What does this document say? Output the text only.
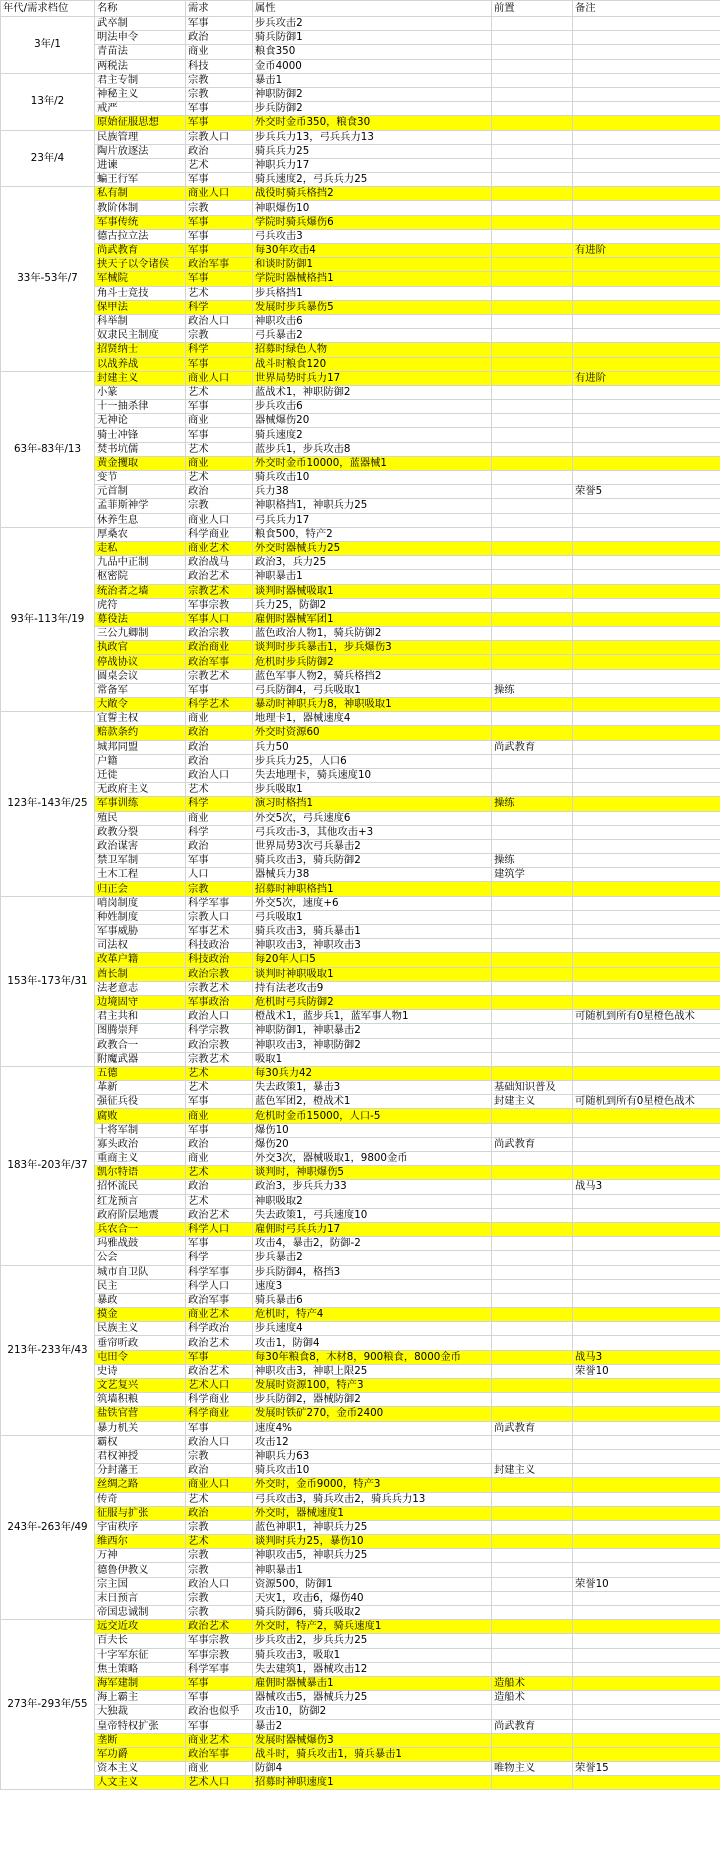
年代/需求档位	名称	需求	属性	前置	备注
3年/1	武卒制	军事	步兵攻击2		
	明法申令	政治	骑兵防御1		
	青苗法	商业	粮食350		
	两税法	科技	金币4000		
13年/2	君主专制	宗教	暴击1		
	神秘主义	宗教	神职防御2		
	戒严	军事	步兵防御2		
	原始征服思想	军事	外交时金币350，粮食30		
23年/4	民族管理	宗教人口	步兵兵力13，弓兵兵力13		
	陶片放逐法	政治	骑兵兵力25		
	进谏	艺术	神职兵力17		
	蝙王行军	军事	骑兵速度2，弓兵兵力25		
33年-53年/7	私有制	商业人口	战役时骑兵格挡2		
	教阶体制	宗教	神职爆伤10		
	军事传统	军事	学院时骑兵爆伤6		
	德古拉立法	军事	弓兵攻击3		
	尚武教育	军事	每30年攻击4		有进阶
	挟天子以令诸侯	政治军事	和谈时防御1		
	军械院	军事	学院时器械格挡1		
	角斗士竞技	艺术	步兵格挡1		
	保甲法	科学	发展时步兵暴伤5		
	科举制	政治人口	神职攻击6		
	奴隶民主制度	宗教	弓兵暴击2		
	招贤纳士	科学	招募时绿色人物		
	以战养战	军事	战斗时粮食120		
63年-83年/13	封建主义	商业人口	世界局势时兵力17		有进阶
	小篆	艺术	蓝战术1，神职防御2		
	十一抽杀律	军事	步兵攻击6		
	无神论	商业	器械爆伤20		
	骑士冲锋	军事	骑兵速度2		
	焚书坑儒	艺术	蓝步兵1，步兵攻击8		
	黄金攫取	商业	外交时金币10000，蓝器械1		
	变节	艺术	骑兵攻击10		
	元首制	政治	兵力38		荣誉5
	孟菲斯神学	宗教	神职格挡1，神职兵力25		
	休养生息	商业人口	弓兵兵力17		
93年-113年/19	厚桑农	科学商业	粮食500，特产2		
	走私	商业艺术	外交时器械兵力25		
	九品中正制	政治战马	政治3，兵力25		
	枢密院	政治艺术	神职暴击1		
	统治者之墙	宗教艺术	谈判时器械吸取1		
	虎符	军事宗教	兵力25，防御2		
	募役法	军事人口	雇佣时器械军团1		
	三公九卿制	政治宗教	蓝色政治人物1，骑兵防御2		
	执政官	政治商业	谈判时步兵暴击1，步兵爆伤3		
	停战协议	政治军事	危机时步兵防御2		
	圆桌会议	宗教艺术	蓝色军事人物2，骑兵格挡2		
	常备军	军事	弓兵防御4，弓兵吸取1	操练	
	大敞令	科学艺术	暴动时神职兵力8，神职吸取1		
123年-143年/25	宜誓主权	商业	地理卡1，器械速度4		
	赔款条约	政治	外交时资源60		
	城邦同盟	政治	兵力50	尚武教育	
	户籍	政治	步兵兵力25，人口6		
	迁徙	政治人口	失去地理卡，骑兵速度10		
	无政府主义	艺术	步兵吸取1		
	军事训练	科学	演习时格挡1	操练	
	殖民	商业	外交5次，弓兵速度6		
	政教分裂	科学	弓兵攻击-3，其他攻击+3		
	政治谋害	政治	世界局势3次弓兵暴击2		
	禁卫军制	军事	骑兵攻击3，骑兵防御2	操练	
	土木工程	人口	器械兵力38	建筑学	
	归正会	宗教	招募时神职格挡1		
153年-173年/31	哨岗制度	科学军事	外交5次，速度+6		
	种姓制度	宗教人口	弓兵吸取1		
	军事威胁	军事艺术	骑兵攻击3，骑兵暴击1		
	司法权	科技政治	神职攻击3，神职攻击3		
	改革户籍	科技政治	每20年人口5		
	酋长制	政治宗教	谈判时神职吸取1		
	法老意志	宗教艺术	持有法老攻击9		
	边境固守	军事政治	危机时弓兵防御2		
	君主共和	政治人口	橙战术1，蓝步兵1，蓝军事人物1		可随机到所有0星橙色战术
	图腾崇拜	科学宗教	神职防御1，神职暴击2		
	政教合一	政治宗教	神职攻击3，神职防御2		
	附魔武器	宗教艺术	吸取1		
183年-203年/37	五德	艺术	每30兵力42		
	革新	艺术	失去政策1，暴击3	基础知识普及	
	强征兵役	军事	蓝色军团2，橙战术1	封建主义	可随机到所有0星橙色战术
	腐败	商业	危机时金币15000，人口-5		
	十将军制	军事	爆伤10		
	寡头政治	政治	爆伤20	尚武教育	
	重商主义	商业	外交3次，器械吸取1，9800金币		
	凯尔特语	艺术	谈判时，神职爆伤5		
	招怀流民	政治	政治3，步兵兵力33		战马3
	红龙预言	艺术	神职吸取2		
	政府阶层地震	政治艺术	失去政策1，弓兵速度10		
	兵农合一	科学人口	雇佣时弓兵兵力17		
	玛雅战鼓	军事	攻击4，暴击2，防御-2		
	公会	科学	步兵暴击2		
213年-233年/43	城市自卫队	科学军事	步兵防御4，格挡3		
	民主	科学人口	速度3		
	暴政	政治军事	骑兵暴击6		
	摸金	商业艺术	危机时，特产4		
	民族主义	科学政治	步兵速度4		
	垂帘听政	政治艺术	攻击1，防御4		
	屯田令	军事	每30年粮食8，木材8，900粮食，8000金币		战马3
	史诗	政治艺术	神职攻击3，神职上限25		荣誉10
	文艺复兴	艺术人口	发展时资源100，特产3		
	筑墙积粮	科学商业	步兵防御2，器械防御2		
	盐铁官营	科学商业	发展时铁矿270，金币2400		
	暴力机关	军事	速度4%	尚武教育	
243年-263年/49	霸权	政治人口	攻击12		
	君权神授	宗教	神职兵力63		
	分封藩王	政治	骑兵攻击10	封建主义	
	丝绸之路	商业人口	外交时，金币9000，特产3		
	传奇	艺术	弓兵攻击3，骑兵攻击2，骑兵兵力13		
	征服与扩张	政治	外交时，器械速度1		
	宇宙秩序	宗教	蓝色神职1，神职兵力25		
	维西尔	艺术	谈判时兵力25，暴伤10		
	万神	宗教	神职攻击5，神职兵力25		
	德鲁伊教义	宗教	神职暴击1		
	宗主国	政治人口	资源500，防御1		荣誉10
	末日预言	宗教	天灾1，攻击6，爆伤40		
	帝国忠诚制	宗教	骑兵防御6，骑兵吸取2		
273年-293年/55	远交近攻	政治艺术	外交时，特产2，骑兵速度1		
	百夫长	军事宗教	步兵攻击2，步兵兵力25		
	十字军东征	军事宗教	骑兵攻击3，吸取1		
	焦土策略	科学军事	失去建筑1，器械攻击12		
	海军建制	军事	雇佣时器械暴击1	造船术	
	海上霸主	军事	器械攻击5，器械兵力25	造船术	
	大独裁	政治也似乎	攻击10，防御2		
	皇帝特权扩张	军事	暴击2	尚武教育	
	垄断	商业艺术	发展时器械爆伤3		
	军功爵	政治军事	战斗时，骑兵攻击1，骑兵暴击1		
	资本主义	商业	防御4	唯物主义	荣誉15
	人文主义	艺术人口	招募时神职速度1		
